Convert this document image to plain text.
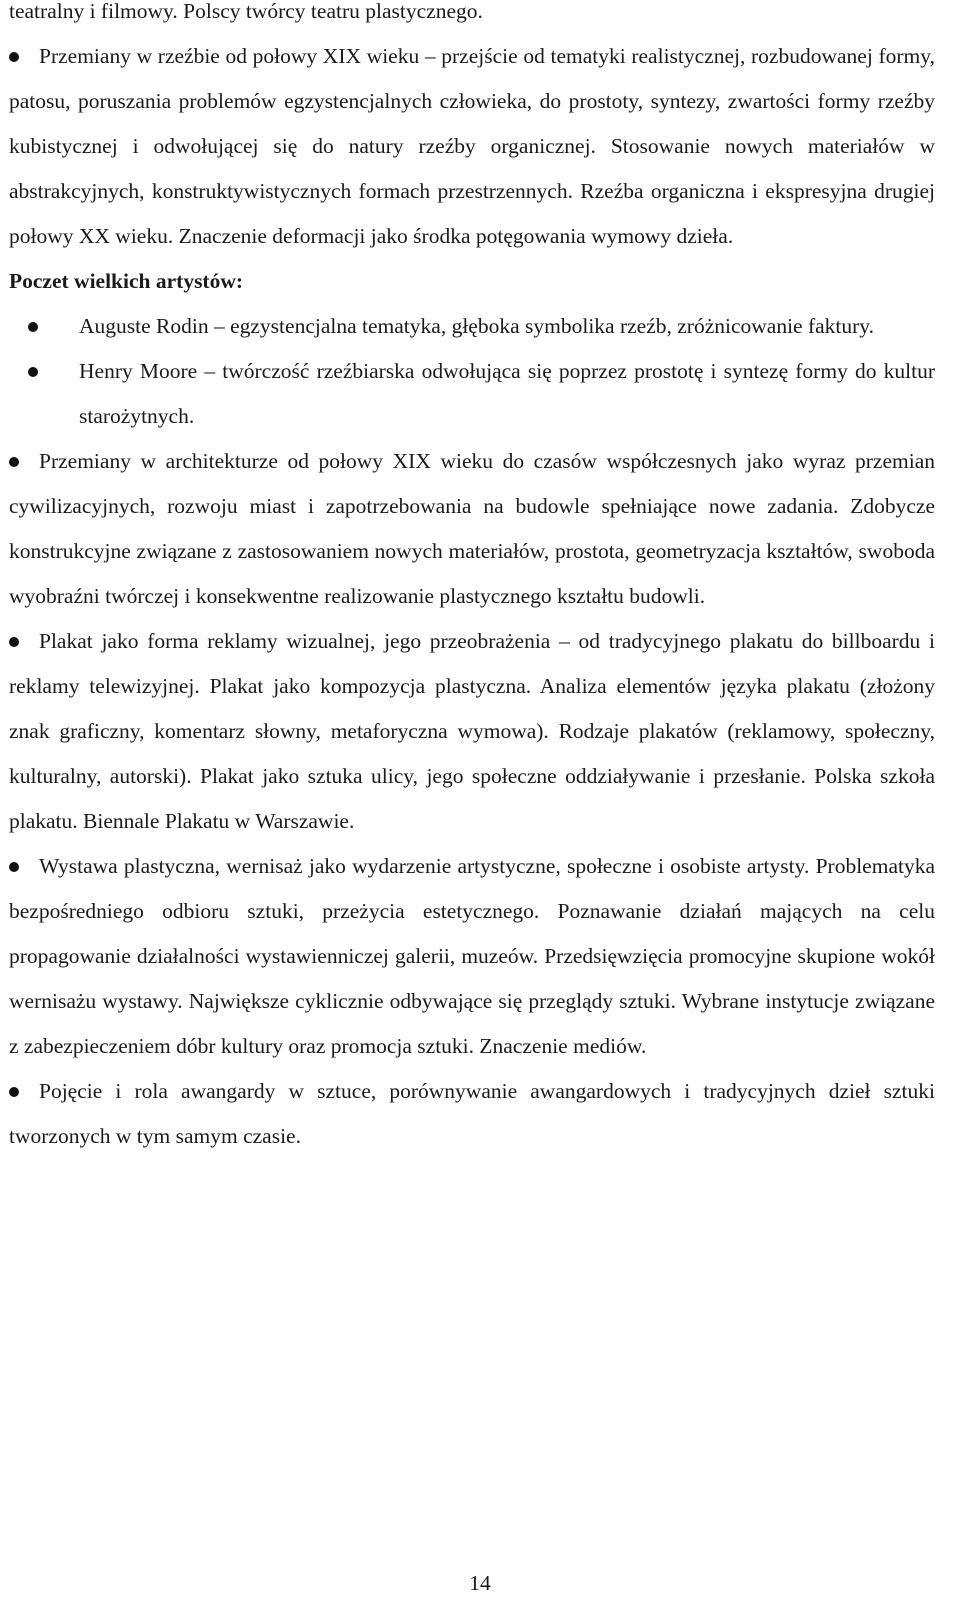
teatralny i filmowy. Polscy twórcy teatru plastycznego.

Przemiany w rzeźbie od połowy XIX wieku – przejście od tematyki realistycznej, rozbudowanej formy, patosu, poruszania problemów egzystencjalnych człowieka, do prostoty, syntezy, zwartości formy rzeźby kubistycznej i odwołującej się do natury rzeźby organicznej. Stosowanie nowych materiałów w abstrakcyjnych, konstruktywistycznych formach przestrzennych. Rzeźba organiczna i ekspresyjna drugiej połowy XX wieku. Znaczenie deformacji jako środka potęgowania wymowy dzieła.

Poczet wielkich artystów:

Auguste Rodin – egzystencjalna tematyka, głęboka symbolika rzeźb, zróżnicowanie faktury.

Henry Moore – twórczość rzeźbiarska odwołująca się poprzez prostotę i syntezę formy do kultur starożytnych.

Przemiany w architekturze od połowy XIX wieku do czasów współczesnych jako wyraz przemian cywilizacyjnych, rozwoju miast i zapotrzebowania na budowle spełniające nowe zadania. Zdobycze konstrukcyjne związane z zastosowaniem nowych materiałów, prostota, geometryzacja kształtów, swoboda wyobraźni twórczej i konsekwentne realizowanie plastycznego kształtu budowli.

Plakat jako forma reklamy wizualnej, jego przeobrażenia – od tradycyjnego plakatu do billboardu i reklamy telewizyjnej. Plakat jako kompozycja plastyczna. Analiza elementów języka plakatu (złożony znak graficzny, komentarz słowny, metaforyczna wymowa). Rodzaje plakatów (reklamowy, społeczny, kulturalny, autorski). Plakat jako sztuka ulicy, jego społeczne oddziaływanie i przesłanie. Polska szkoła plakatu. Biennale Plakatu w Warszawie.

Wystawa plastyczna, wernisaż jako wydarzenie artystyczne, społeczne i osobiste artysty. Problematyka bezpośredniego odbioru sztuki, przeżycia estetycznego. Poznawanie działań mających na celu propagowanie działalności wystawienniczej galerii, muzeów. Przedsięwzięcia promocyjne skupione wokół wernisażu wystawy. Największe cyklicznie odbywające się przeglądy sztuki. Wybrane instytucje związane z zabezpieczeniem dóbr kultury oraz promocja sztuki. Znaczenie mediów.

Pojęcie i rola awangardy w sztuce, porównywanie awangardowych i tradycyjnych dzieł sztuki tworzonych w tym samym czasie.

14
